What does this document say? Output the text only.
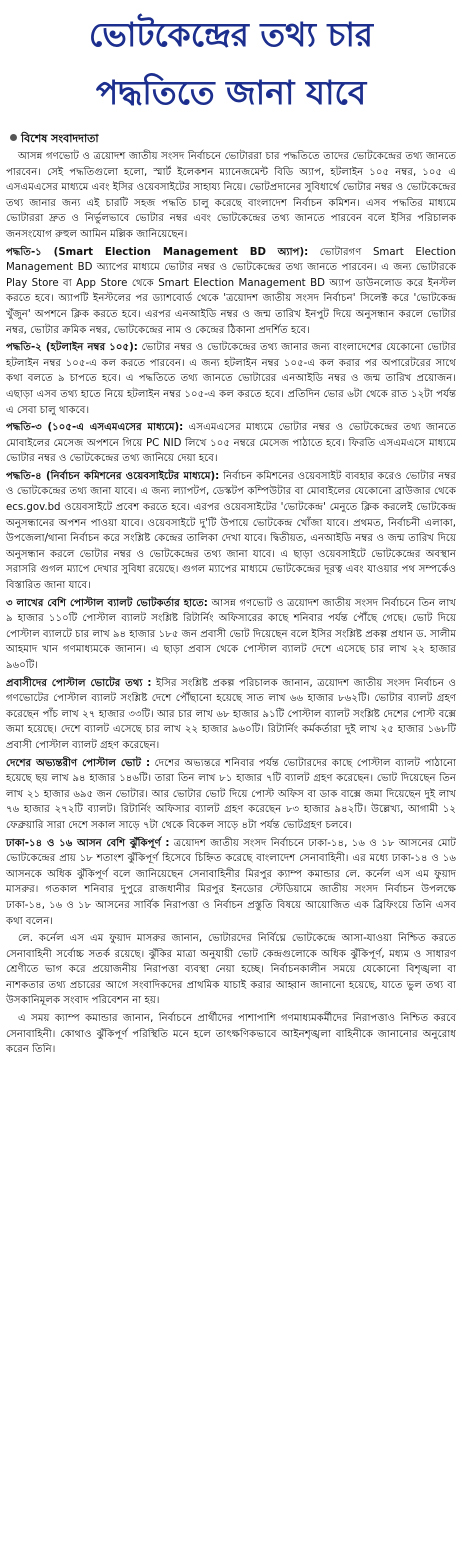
ভোটকেন্দ্রের তথ্য চার
পদ্ধতিতে জানা যাবে
বিশেষ সংবাদদাতা

আসন্ন গণভোট ও ত্রয়োদশ জাতীয় সংসদ নির্বাচনে ভোটাররা চার পদ্ধতিতে তাদের ভোটকেন্দ্রের তথ্য জানতে পারবেন। সেই পদ্ধতিগুলো হলো, স্মার্ট ইলেকশন ম্যানেজমেন্ট বিডি অ্যাপ, হটলাইন ১০৫ নম্বর, ১০৫ এ এসএমএসের মাধ্যমে এবং ইসির ওয়েবসাইটের সাহায্য নিয়ে। ভোটপ্রদানের সুবিধার্থে ভোটার নম্বর ও ভোটকেন্দ্রের তথ্য জানার জন্য এই চারটি সহজ পদ্ধতি চালু করেছে বাংলাদেশ নির্বাচন কমিশন। এসব পদ্ধতির মাধ্যমে ভোটাররা দ্রুত ও নির্ভুলভাবে ভোটার নম্বর এবং ভোটকেন্দ্রের তথ্য জানতে পারবেন বলে ইসির পরিচালক জনসংযোগ রুহুল আমিন মল্লিক জানিয়েছেন।

পদ্ধতি-১ (Smart Election Management BD অ্যাপ): ভোটারগণ Smart Election Management BD অ্যাপের মাধ্যমে ভোটার নম্বর ও ভোটকেন্দ্রের তথ্য জানতে পারবেন। এ জন্য ভোটারকে Play Store বা App Store থেকে Smart Election Management BD অ্যাপ ডাউনলোড করে ইনস্টল করতে হবে। অ্যাপটি ইনস্টলের পর ড্যাশবোর্ড থেকে 'ত্রয়োদশ জাতীয় সংসদ নির্বাচন' সিলেক্ট করে 'ভোটকেন্দ্র খুঁজুন' অপশনে ক্লিক করতে হবে। এরপর এনআইডি নম্বর ও জন্ম তারিখ ইনপুট দিয়ে অনুসন্ধান করলে ভোটার নম্বর, ভোটার ক্রমিক নম্বর, ভোটকেন্দ্রের নাম ও কেন্দ্রের ঠিকানা প্রদর্শিত হবে।

পদ্ধতি-২ (হটলাইন নম্বর ১০৫): ভোটার নম্বর ও ভোটকেন্দ্রের তথ্য জানার জন্য বাংলাদেশের যেকোনো ভোটার হটলাইন নম্বর ১০৫-এ কল করতে পারবেন। এ জন্য হটলাইন নম্বর ১০৫-এ কল করার পর অপারেটরের সাথে কথা বলতে ৯ চাপতে হবে। এ পদ্ধতিতে তথ্য জানতে ভোটারের এনআইডি নম্বর ও জন্ম তারিখ প্রয়োজন। এছাড়া এসব তথ্য হাতে নিয়ে হটলাইন নম্বর ১০৫-এ কল করতে হবে। প্রতিদিন ভোর ৬টা থেকে রাত ১২টা পর্যন্ত এ সেবা চালু থাকবে।

পদ্ধতি-৩ (১০৫-এ এসএমএসের মাধ্যমে): এসএমএসের মাধ্যমে ভোটার নম্বর ও ভোটকেন্দ্রের তথ্য জানতে মোবাইলের মেসেজ অপশনে গিয়ে PC NID লিখে ১০৫ নম্বরে মেসেজ পাঠাতে হবে। ফিরতি এসএমএসে মাধ্যমে ভোটার নম্বর ও ভোটকেন্দ্রের তথ্য জানিয়ে দেয়া হবে।

পদ্ধতি-৪ (নির্বাচন কমিশনের ওয়েবসাইটের মাধ্যমে): নির্বাচন কমিশনের ওয়েবসাইট ব্যবহার করেও ভোটার নম্বর ও ভোটকেন্দ্রের তথ্য জানা যাবে। এ জন্য ল্যাপটপ, ডেস্কটপ কম্পিউটার বা মোবাইলের যেকোনো ব্রাউজার থেকে ecs.gov.bd ওয়েবসাইটে প্রবেশ করতে হবে। এরপর ওয়েবসাইটের 'ভোটকেন্দ্র' মেনুতে ক্লিক করলেই ভোটকেন্দ্র অনুসন্ধানের অপশন পাওয়া যাবে। ওয়েবসাইটে দু'টি উপায়ে ভোটকেন্দ্র খোঁজা যাবে। প্রথমত, নির্বাচনী এলাকা, উপজেলা/থানা নির্বাচন করে সংশ্লিষ্ট কেন্দ্রের তালিকা দেখা যাবে। দ্বিতীয়ত, এনআইডি নম্বর ও জন্ম তারিখ দিয়ে অনুসন্ধান করলে ভোটার নম্বর ও ভোটকেন্দ্রের তথ্য জানা যাবে। এ ছাড়া ওয়েবসাইটে ভোটকেন্দ্রের অবস্থান সরাসরি গুগল ম্যাপে দেখার সুবিধা রয়েছে। গুগল ম্যাপের মাধ্যমে ভোটকেন্দ্রের দূরত্ব এবং যাওয়ার পথ সম্পর্কেও বিস্তারিত জানা যাবে।

৩ লাখের বেশি পোস্টাল ব্যালট ভোটকর্তার হাতে: আসন্ন গণভোট ও ত্রয়োদশ জাতীয় সংসদ নির্বাচনে তিন লাখ ৯ হাজার ১১০টি পোস্টাল ব্যালট সংশ্লিষ্ট রিটার্নিং অফিসারের কাছে শনিবার পর্যন্ত পৌঁছে গেছে। ভোট দিয়ে পোস্টাল ব্যালটে চার লাখ ৯৪ হাজার ১৮৫ জন প্রবাসী ভোট দিয়েছেন বলে ইসির সংশ্লিষ্ট প্রকল্প প্রধান ড. সালীম আহমাদ খান গণমাধ্যমকে জানান। এ ছাড়া প্রবাস থেকে পোস্টাল ব্যালট দেশে এসেছে চার লাখ ২২ হাজার ৯৬০টি।

প্রবাসীদের পোস্টাল ভোটের তথ্য : ইসির সংশ্লিষ্ট প্রকল্প পরিচালক জানান, ত্রয়োদশ জাতীয় সংসদ নির্বাচন ও গণভোটের পোস্টাল ব্যালট সংশ্লিষ্ট দেশে পৌঁছানো হয়েছে সাত লাখ ৬৬ হাজার ৮৬২টি। ভোটার ব্যালট গ্রহণ করেছেন পাঁচ লাখ ২৭ হাজার ৩৩টি। আর চার লাখ ৬৮ হাজার ৯১টি পোস্টাল ব্যালট সংশ্লিষ্ট দেশের পোস্ট বক্সে জমা হয়েছে। দেশে ব্যালট এসেছে চার লাখ ২২ হাজার ৯৬০টি। রিটার্নিং কর্মকর্তারা দুই লাখ ২৫ হাজার ১৬৮টি প্রবাসী পোস্টাল ব্যালট গ্রহণ করেছেন।

দেশের অভ্যন্তরীণ পোস্টাল ভোট : দেশের অভ্যন্তরে শনিবার পর্যন্ত ভোটারদের কাছে পোস্টাল ব্যালট পাঠানো হয়েছে ছয় লাখ ৯৪ হাজার ১৪৬টি। তারা তিন লাখ ৮১ হাজার ৭টি ব্যালট গ্রহণ করেছেন। ভোট দিয়েছেন তিন লাখ ২১ হাজার ৬৯৫ জন ভোটার। আর ভোটার ভোট দিয়ে পোস্ট অফিস বা ডাক বাক্সে জমা দিয়েছেন দুই লাখ ৭৬ হাজার ২৭২টি ব্যালট। রিটার্নিং অফিসার ব্যালট গ্রহণ করেছেন ৮৩ হাজার ৯৪২টি। উল্লেখ্য, আগামী ১২ ফেব্রুয়ারি সারা দেশে সকাল সাড়ে ৭টা থেকে বিকেল সাড়ে ৪টা পর্যন্ত ভোটগ্রহণ চলবে।

ঢাকা-১৪ ও ১৬ আসন বেশি ঝুঁকিপূর্ণ : ত্রয়োদশ জাতীয় সংসদ নির্বাচনে ঢাকা-১৪, ১৬ ও ১৮ আসনের মোট ভোটকেন্দ্রের প্রায় ১৮ শতাংশ ঝুঁকিপূর্ণ হিসেবে চিহ্নিত করেছে বাংলাদেশ সেনাবাহিনী। এর মধ্যে ঢাকা-১৪ ও ১৬ আসনকে অধিক ঝুঁকিপূর্ণ বলে জানিয়েছেন সেনাবাহিনীর মিরপুর ক্যাম্প কমান্ডার লে. কর্নেল এস এম ফুয়াদ মাসরুর। গতকাল শনিবার দুপুরে রাজধানীর মিরপুর ইনডোর স্টেডিয়ামে জাতীয় সংসদ নির্বাচন উপলক্ষে ঢাকা-১৪, ১৬ ও ১৮ আসনের সার্বিক নিরাপত্তা ও নির্বাচন প্রস্তুতি বিষয়ে আয়োজিত এক ব্রিফিংয়ে তিনি এসব কথা বলেন।

লে. কর্নেল এস এম ফুয়াদ মাসরুর জানান, ভোটারদের নির্বিঘ্নে ভোটকেন্দ্রে আসা-যাওয়া নিশ্চিত করতে সেনাবাহিনী সর্বোচ্চ সতর্ক রয়েছে। ঝুঁকির মাত্রা অনুযায়ী ভোট কেন্দ্রগুলোকে অধিক ঝুঁকিপূর্ণ, মধ্যম ও সাধারণ শ্রেণীতে ভাগ করে প্রয়োজনীয় নিরাপত্তা ব্যবস্থা নেয়া হচ্ছে। নির্বাচনকালীন সময়ে যেকোনো বিশৃঙ্খলা বা নাশকতার তথ্য প্রচারের আগে সংবাদিকদের প্রাথমিক যাচাই করার আহ্বান জানানো হয়েছে, যাতে ভুল তথ্য বা উসকানিমূলক সংবাদ পরিবেশন না হয়।

এ সময় ক্যাম্প কমান্ডার জানান, নির্বাচনে প্রার্থীদের পাশাপাশি গণমাধ্যমকর্মীদের নিরাপত্তাও নিশ্চিত করবে সেনাবাহিনী। কোথাও ঝুঁকিপূর্ণ পরিস্থিতি মনে হলে তাৎক্ষণিকভাবে আইনশৃঙ্খলা বাহিনীকে জানানোর অনুরোধ করেন তিনি।
